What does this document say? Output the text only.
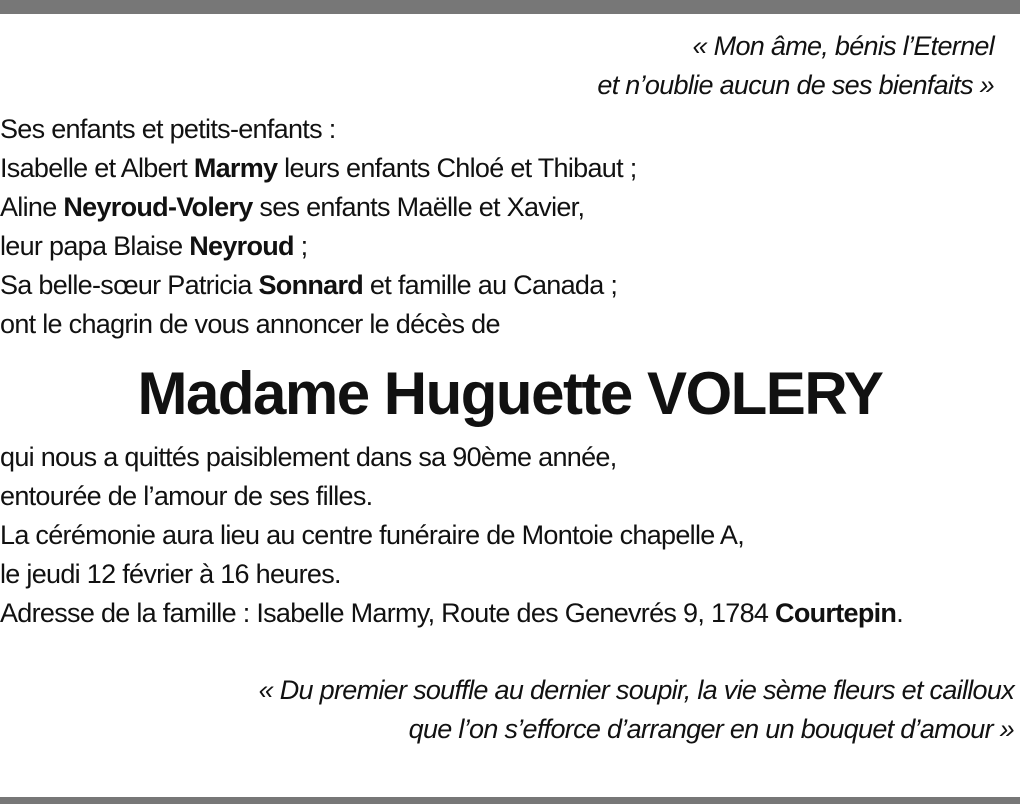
« Mon âme, bénis l’Eternel
et n’oublie aucun de ses bienfaits »
Ses enfants et petits-enfants :
Isabelle et Albert Marmy leurs enfants Chloé et Thibaut ;
Aline Neyroud-Volery ses enfants Maëlle et Xavier,
leur papa Blaise Neyroud ;
Sa belle-sœur Patricia Sonnard et famille au Canada ;
ont le chagrin de vous annoncer le décès de
Madame Huguette VOLERY
qui nous a quittés paisiblement dans sa 90ème année,
entourée de l’amour de ses filles.
La cérémonie aura lieu au centre funéraire de Montoie chapelle A,
le jeudi 12 février à 16 heures.
Adresse de la famille : Isabelle Marmy, Route des Genevrés 9, 1784 Courtepin.
« Du premier souffle au dernier soupir, la vie sème fleurs et cailloux
que l’on s’efforce d’arranger en un bouquet d’amour »
